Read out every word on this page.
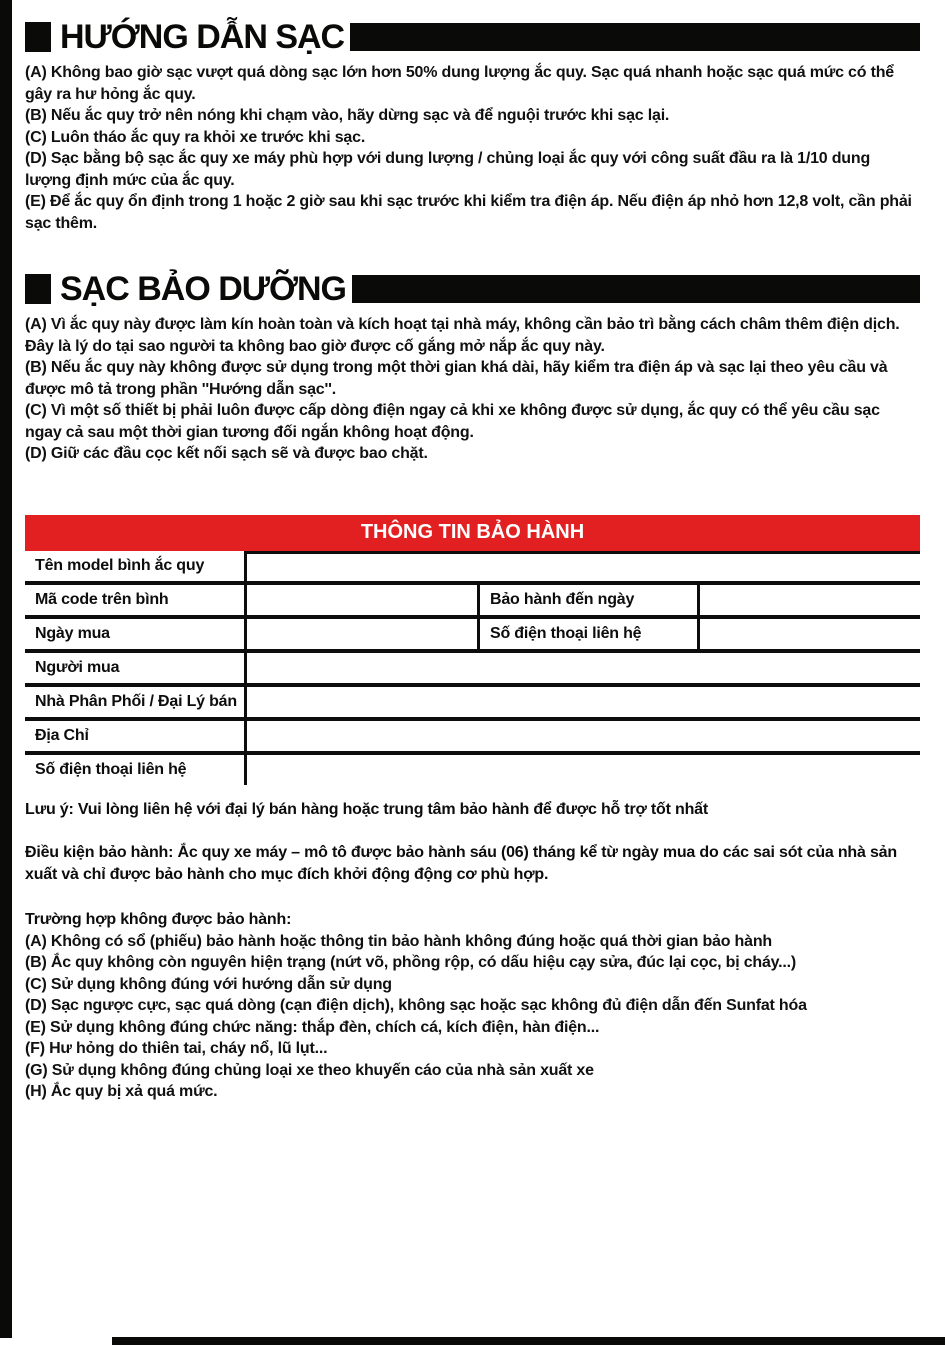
HƯỚNG DẪN SẠC
(A) Không bao giờ sạc vượt quá dòng sạc lớn hơn 50% dung lượng ắc quy. Sạc quá nhanh hoặc sạc quá mức có thể gây ra hư hỏng ắc quy.
(B) Nếu ắc quy trở nên nóng khi chạm vào, hãy dừng sạc và để nguội trước khi sạc lại.
(C) Luôn tháo ắc quy ra khỏi xe trước khi sạc.
(D) Sạc bằng bộ sạc ắc quy xe máy phù hợp với dung lượng / chủng loại ắc quy với công suất đầu ra là 1/10 dung lượng định mức của ắc quy.
(E) Để ắc quy ổn định trong 1 hoặc 2 giờ sau khi sạc trước khi kiểm tra điện áp. Nếu điện áp nhỏ hơn 12,8 volt, cần phải sạc thêm.
SẠC BẢO DƯỠNG
(A) Vì ắc quy này được làm kín hoàn toàn và kích hoạt tại nhà máy, không cần bảo trì bằng cách châm thêm điện dịch. Đây là lý do tại sao người ta không bao giờ được cố gắng mở nắp ắc quy này.
(B) Nếu ắc quy này không được sử dụng trong một thời gian khá dài, hãy kiểm tra điện áp và sạc lại theo yêu cầu và được mô tả trong phần ''Hướng dẫn sạc''.
(C) Vì một số thiết bị phải luôn được cấp dòng điện ngay cả khi xe không được sử dụng, ắc quy có thể yêu cầu sạc ngay cả sau một thời gian tương đối ngắn không hoạt động.
(D) Giữ các đầu cọc kết nối sạch sẽ và được bao chặt.
THÔNG TIN BẢO HÀNH
Tên model bình ắc quy
Mã code trên bình	Bảo hành đến ngày
Ngày mua	Số điện thoại liên hệ
Người mua
Nhà Phân Phối / Đại Lý bán
Địa Chỉ
Số điện thoại liên hệ
Lưu ý: Vui lòng liên hệ với đại lý bán hàng hoặc trung tâm bảo hành để được hỗ trợ tốt nhất
Điều kiện bảo hành: Ắc quy xe máy – mô tô được bảo hành sáu (06) tháng kể từ ngày mua do các sai sót của nhà sản xuất và chỉ được bảo hành cho mục đích khởi động động cơ phù hợp.
Trường hợp không được bảo hành:
(A) Không có sổ (phiếu) bảo hành hoặc thông tin bảo hành không đúng hoặc quá thời gian bảo hành
(B) Ắc quy không còn nguyên hiện trạng (nứt võ, phồng rộp, có dấu hiệu cạy sửa, đúc lại cọc, bị cháy...)
(C) Sử dụng không đúng với hướng dẫn sử dụng
(D) Sạc ngược cực, sạc quá dòng (cạn điện dịch), không sạc hoặc sạc không đủ điện dẫn đến Sunfat hóa
(E) Sử dụng không đúng chức năng: thắp đèn, chích cá, kích điện, hàn điện...
(F) Hư hỏng do thiên tai, cháy nổ, lũ lụt...
(G) Sử dụng không đúng chủng loại xe theo khuyến cáo của nhà sản xuất xe
(H) Ắc quy bị xả quá mức.
